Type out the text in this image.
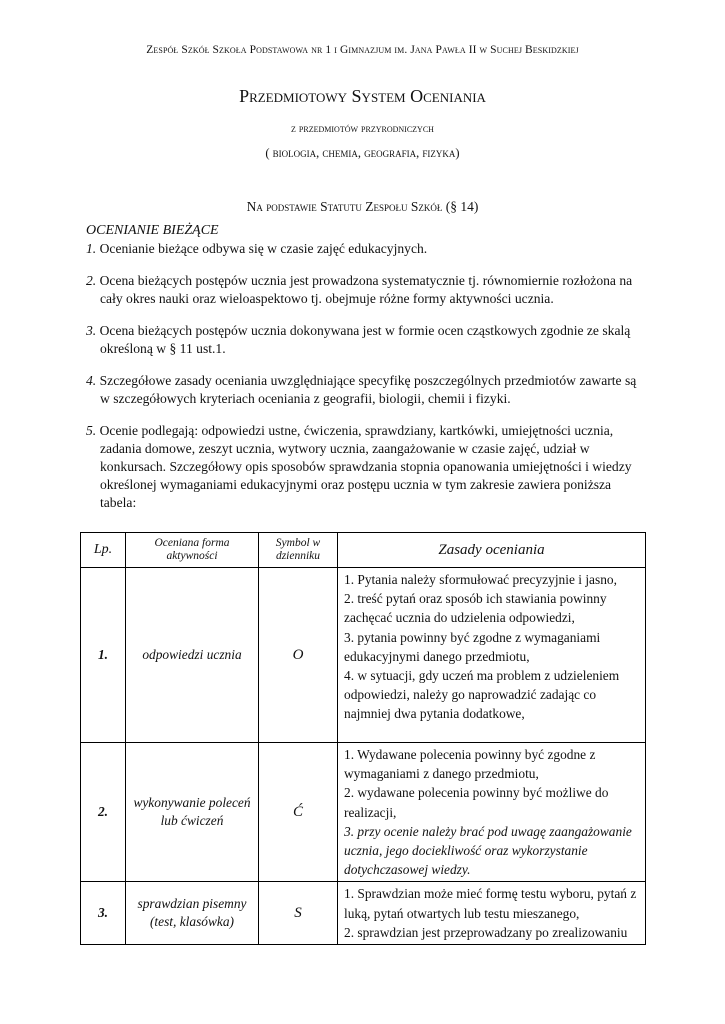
Zespół Szkół Szkoła Podstawowa nr 1 i Gimnazjum im. Jana Pawła II w Suchej Beskidzkiej
Przedmiotowy System Oceniania
z przedmiotów przyrodniczych
( biologia, chemia, geografia, fizyka)
Na podstawie Statutu Zespołu Szkół (§ 14)
OCENIANIE BIEŻĄCE

1. Ocenianie bieżące odbywa się w czasie zajęć edukacyjnych.

2. Ocena bieżących postępów ucznia jest prowadzona systematycznie tj. równomiernie rozłożona na cały okres nauki oraz wieloaspektowo tj. obejmuje różne formy aktywności ucznia.

3. Ocena bieżących postępów ucznia dokonywana jest w formie ocen cząstkowych zgodnie ze skalą określoną w § 11 ust.1.

4. Szczegółowe zasady oceniania uwzględniające specyfikę poszczególnych przedmiotów zawarte są w szczegółowych kryteriach oceniania z geografii, biologii, chemii i fizyki.

5. Ocenie podlegają: odpowiedzi ustne, ćwiczenia, sprawdziany, kartkówki, umiejętności ucznia, zadania domowe, zeszyt ucznia, wytwory ucznia, zaangażowanie w czasie zajęć, udział w konkursach. Szczegółowy opis sposobów sprawdzania stopnia opanowania umiejętności i wiedzy określonej wymaganiami edukacyjnymi oraz postępu ucznia w tym zakresie zawiera poniższa tabela:

Lp.	Oceniana forma aktywności	Symbol w dzienniku	Zasady oceniania
1.	odpowiedzi ucznia	O	1. Pytania należy sformułować precyzyjnie i jasno,
2. treść pytań oraz sposób ich stawiania powinny zachęcać ucznia do udzielenia odpowiedzi,
3. pytania powinny być zgodne z wymaganiami edukacyjnymi danego przedmiotu,
4. w sytuacji, gdy uczeń ma problem z udzieleniem odpowiedzi, należy go naprowadzić zadając co najmniej dwa pytania dodatkowe,

2.	wykonywanie poleceń lub ćwiczeń	Ć	1. Wydawane polecenia powinny być zgodne z wymaganiami z danego przedmiotu,
2. wydawane polecenia powinny być możliwe do realizacji,
3. przy ocenie należy brać pod uwagę zaangażowanie ucznia, jego dociekliwość oraz wykorzystanie dotychczasowej wiedzy.

3.	sprawdzian pisemny (test, klasówka)	S	1. Sprawdzian może mieć formę testu wyboru, pytań z luką, pytań otwartych lub testu mieszanego,
2. sprawdzian jest przeprowadzany po zrealizowaniu
